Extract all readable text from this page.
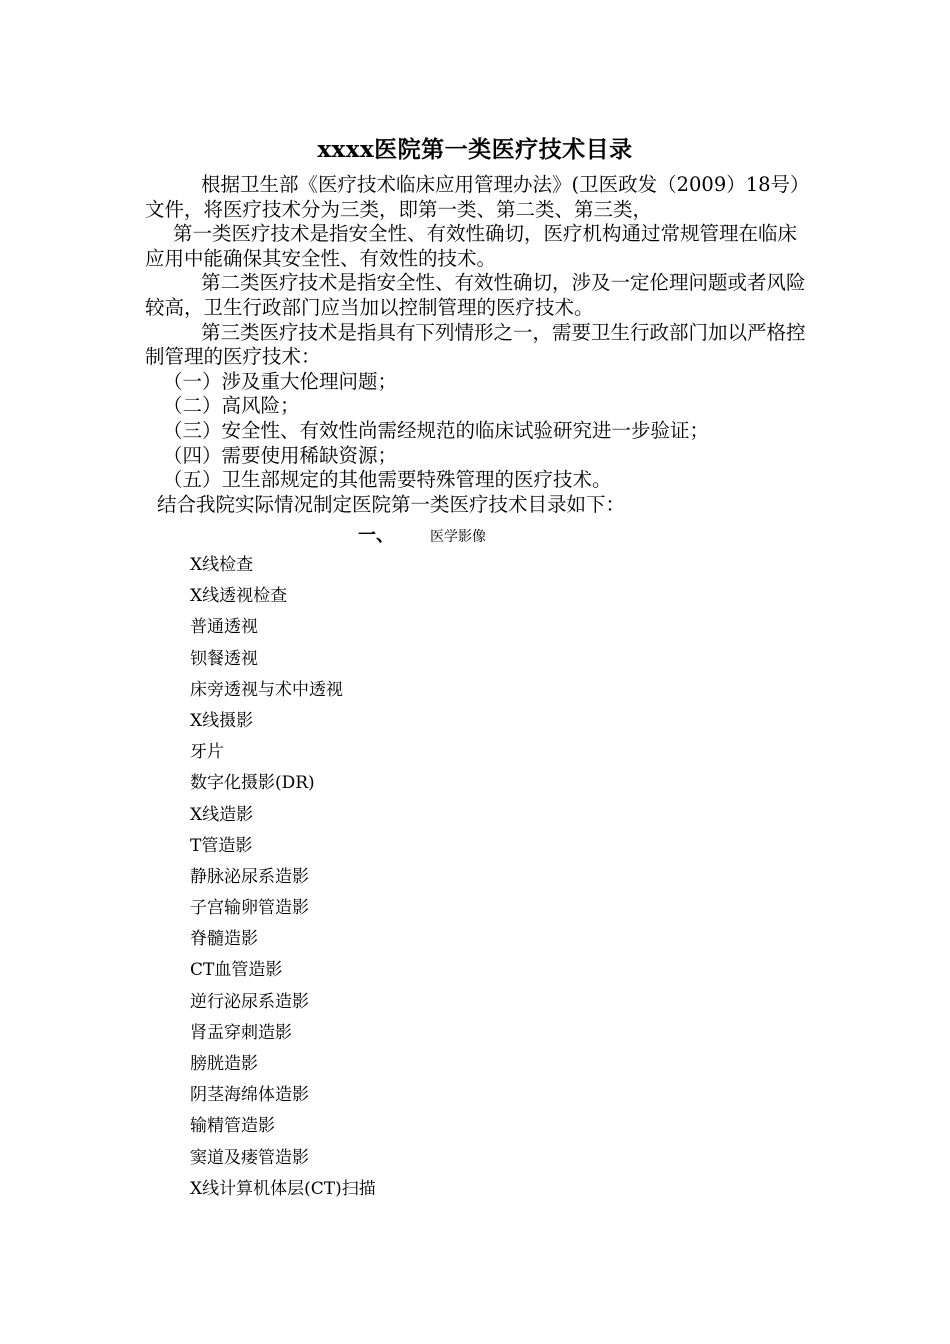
xxxx医院第一类医疗技术目录

根据卫生部《医疗技术临床应用管理办法》(卫医政发（2009）18号）文件，将医疗技术分为三类，即第一类、第二类、第三类，

第一类医疗技术是指安全性、有效性确切，医疗机构通过常规管理在临床应用中能确保其安全性、有效性的技术。

第二类医疗技术是指安全性、有效性确切，涉及一定伦理问题或者风险较高，卫生行政部门应当加以控制管理的医疗技术。

第三类医疗技术是指具有下列情形之一，需要卫生行政部门加以严格控制管理的医疗技术：

（一）涉及重大伦理问题；

（二）高风险；

（三）安全性、有效性尚需经规范的临床试验研究进一步验证；

（四）需要使用稀缺资源；

（五）卫生部规定的其他需要特殊管理的医疗技术。

结合我院实际情况制定医院第一类医疗技术目录如下：

一、	医学影像
X线检查
X线透视检查
普通透视
钡餐透视
床旁透视与术中透视
X线摄影
牙片
数字化摄影(DR)
X线造影
T管造影
静脉泌尿系造影
子宫输卵管造影
脊髓造影
CT血管造影
逆行泌尿系造影
肾盂穿刺造影
膀胱造影
阴茎海绵体造影
输精管造影
窦道及瘘管造影
X线计算机体层(CT)扫描
